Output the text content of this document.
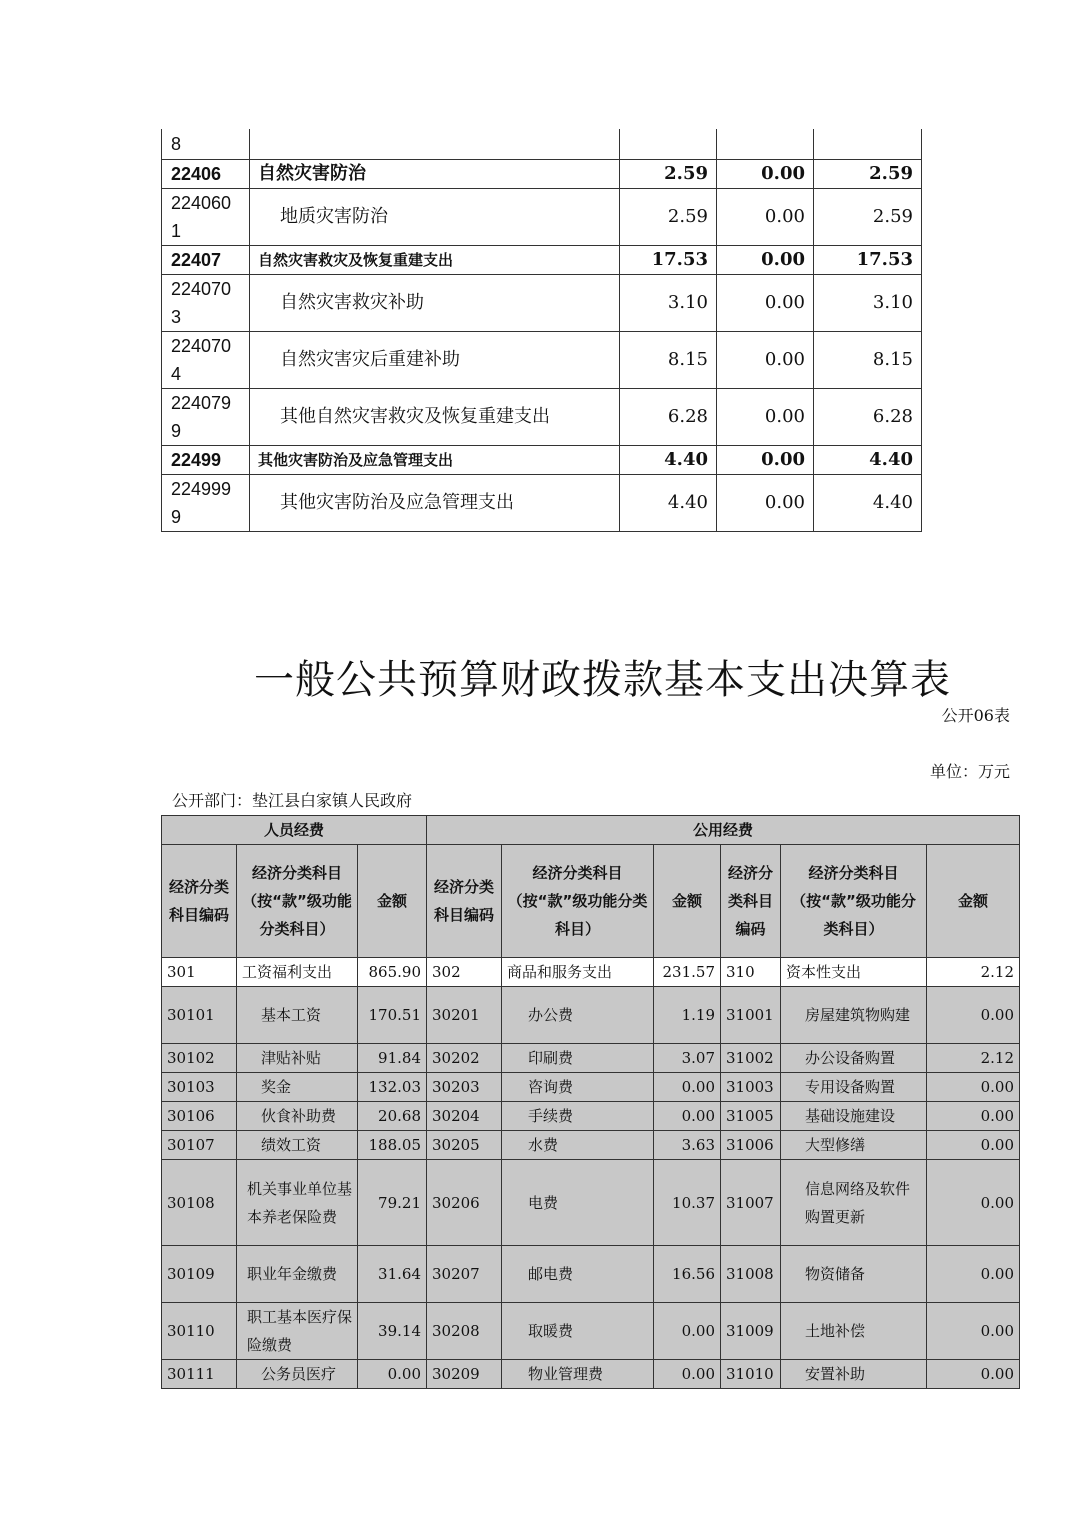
8				
22406	自然灾害防治	2.59	0.00	2.59
2240601	地质灾害防治	2.59	0.00	2.59
22407	自然灾害救灾及恢复重建支出	17.53	0.00	17.53
2240703	自然灾害救灾补助	3.10	0.00	3.10
2240704	自然灾害灾后重建补助	8.15	0.00	8.15
2240799	其他自然灾害救灾及恢复重建支出	6.28	0.00	6.28
22499	其他灾害防治及应急管理支出	4.40	0.00	4.40
2249999	其他灾害防治及应急管理支出	4.40	0.00	4.40
一般公共预算财政拨款基本支出决算表
公开06表
单位：万元
公开部门：垫江县白家镇人民政府
人员经费			公用经费					
经济分类科目编码	经济分类科目（按“款”级功能分类科目）	金额	经济分类科目编码	经济分类科目（按“款”级功能分类科目）	金额	经济分类科目编码	经济分类科目（按“款”级功能分类科目）	金额
301	工资福利支出	865.90	302	商品和服务支出	231.57	310	资本性支出	2.12
30101	基本工资	170.51	30201	办公费	1.19	31001	房屋建筑物购建	0.00
30102	津贴补贴	91.84	30202	印刷费	3.07	31002	办公设备购置	2.12
30103	奖金	132.03	30203	咨询费	0.00	31003	专用设备购置	0.00
30106	伙食补助费	20.68	30204	手续费	0.00	31005	基础设施建设	0.00
30107	绩效工资	188.05	30205	水费	3.63	31006	大型修缮	0.00
30108	机关事业单位基本养老保险费	79.21	30206	电费	10.37	31007	信息网络及软件购置更新	0.00
30109	职业年金缴费	31.64	30207	邮电费	16.56	31008	物资储备	0.00
30110	职工基本医疗保险缴费	39.14	30208	取暖费	0.00	31009	土地补偿	0.00
30111	公务员医疗	0.00	30209	物业管理费	0.00	31010	安置补助	0.00
